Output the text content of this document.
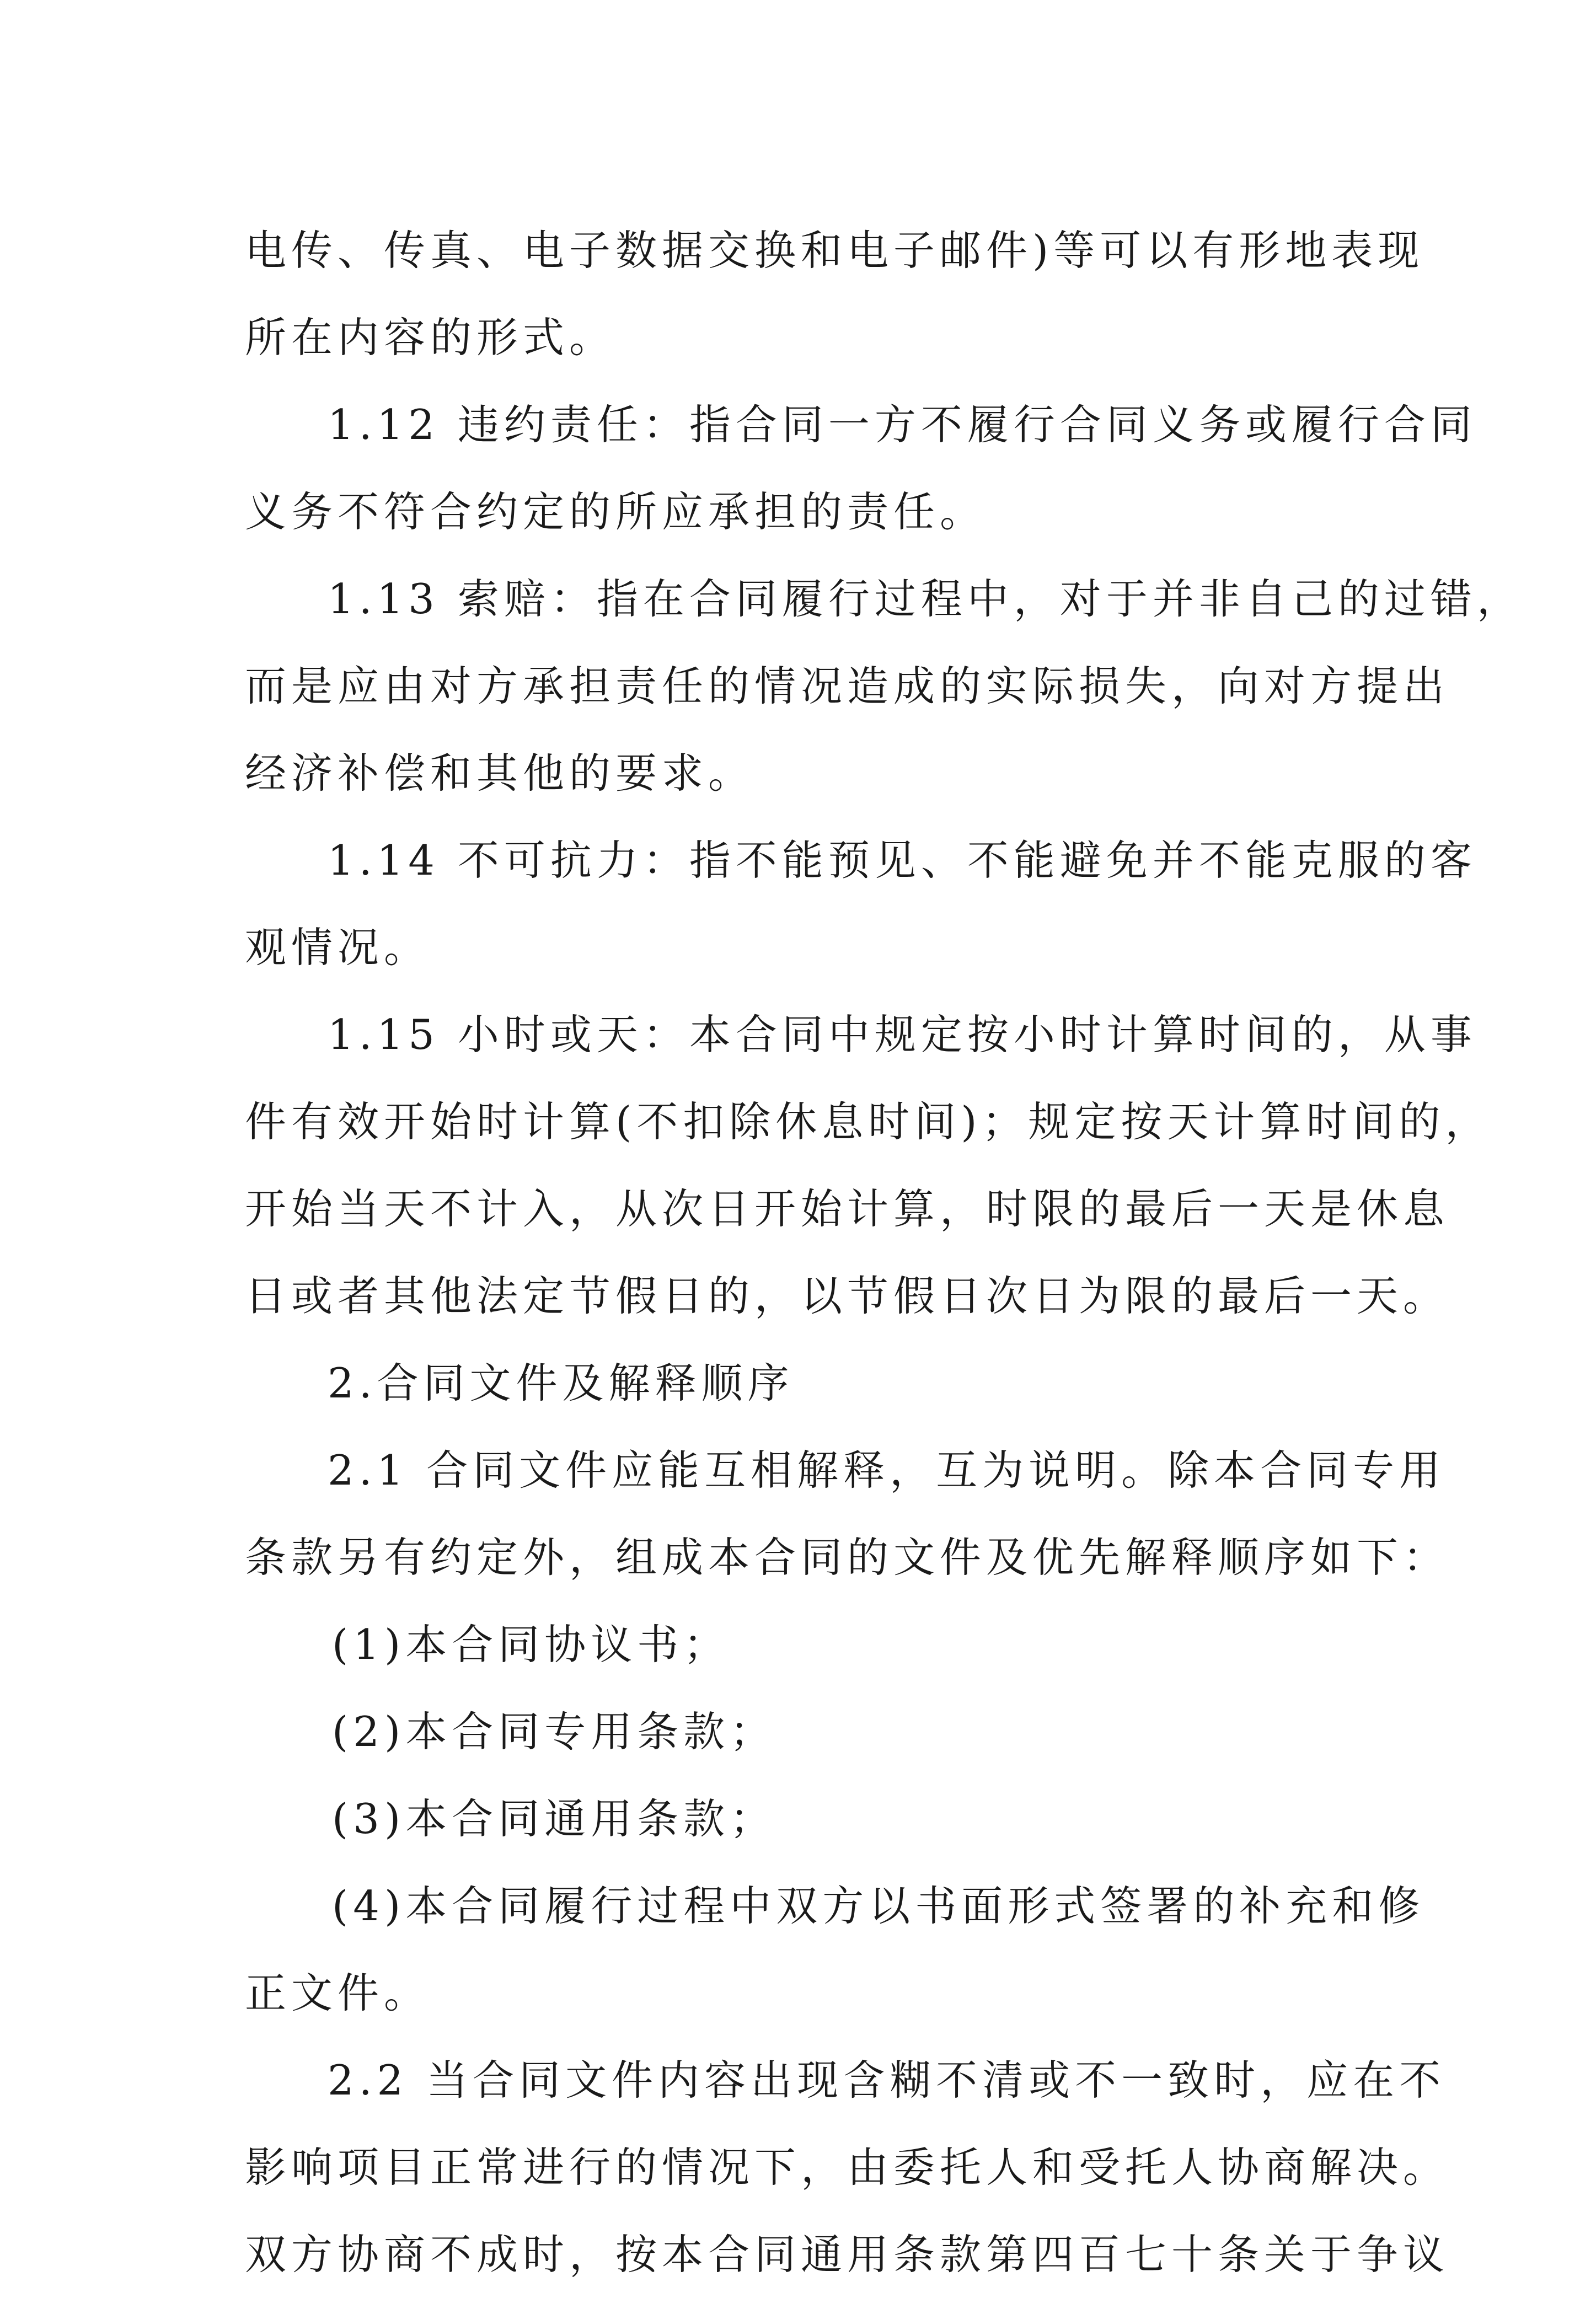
电传、传真、电子数据交换和电子邮件)等可以有形地表现
所在内容的形式。
1.12 违约责任：指合同一方不履行合同义务或履行合同
义务不符合约定的所应承担的责任。
1.13 索赔：指在合同履行过程中，对于并非自己的过错，
而是应由对方承担责任的情况造成的实际损失，向对方提出
经济补偿和其他的要求。
1.14 不可抗力：指不能预见、不能避免并不能克服的客
观情况。
1.15 小时或天：本合同中规定按小时计算时间的，从事
件有效开始时计算(不扣除休息时间)；规定按天计算时间的，
开始当天不计入，从次日开始计算，时限的最后一天是休息
日或者其他法定节假日的，以节假日次日为限的最后一天。
2.合同文件及解释顺序
2.1 合同文件应能互相解释，互为说明。除本合同专用
条款另有约定外，组成本合同的文件及优先解释顺序如下：
(1)本合同协议书；
(2)本合同专用条款；
(3)本合同通用条款；
(4)本合同履行过程中双方以书面形式签署的补充和修
正文件。
2.2 当合同文件内容出现含糊不清或不一致时，应在不
影响项目正常进行的情况下，由委托人和受托人协商解决。
双方协商不成时，按本合同通用条款第四百七十条关于争议
